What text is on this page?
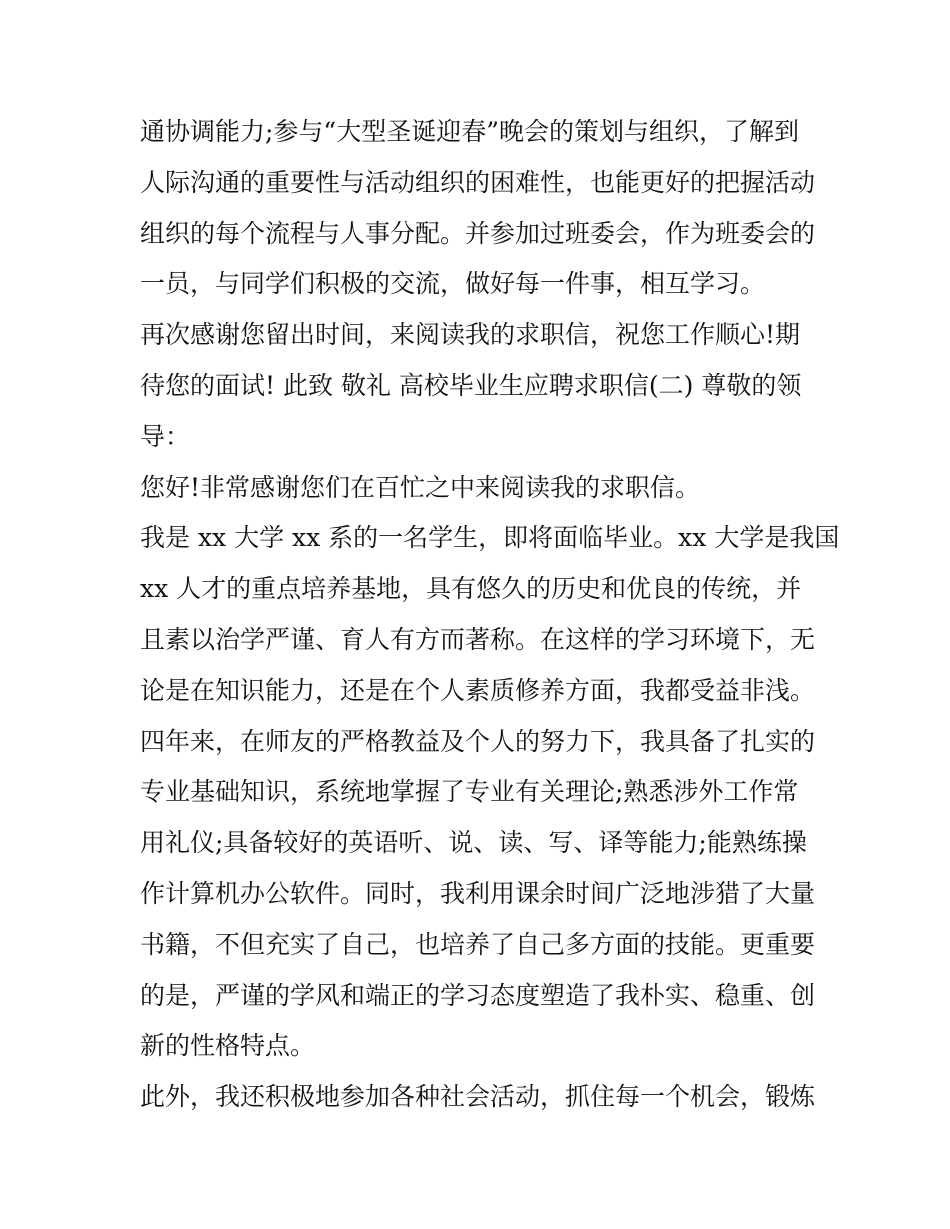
通协调能力;参与“大型圣诞迎春”晚会的策划与组织，了解到
人际沟通的重要性与活动组织的困难性，也能更好的把握活动
组织的每个流程与人事分配。并参加过班委会，作为班委会的
一员，与同学们积极的交流，做好每一件事，相互学习。
再次感谢您留出时间，来阅读我的求职信，祝您工作顺心!期
待您的面试! 此致 敬礼 高校毕业生应聘求职信(二) 尊敬的领
导：
您好!非常感谢您们在百忙之中来阅读我的求职信。
我是 xx 大学 xx 系的一名学生，即将面临毕业。xx 大学是我国
xx 人才的重点培养基地，具有悠久的历史和优良的传统，并
且素以治学严谨、育人有方而著称。在这样的学习环境下，无
论是在知识能力，还是在个人素质修养方面，我都受益非浅。
四年来，在师友的严格教益及个人的努力下，我具备了扎实的
专业基础知识，系统地掌握了专业有关理论;熟悉涉外工作常
用礼仪;具备较好的英语听、说、读、写、译等能力;能熟练操
作计算机办公软件。同时，我利用课余时间广泛地涉猎了大量
书籍，不但充实了自己，也培养了自己多方面的技能。更重要
的是，严谨的学风和端正的学习态度塑造了我朴实、稳重、创
新的性格特点。
此外，我还积极地参加各种社会活动，抓住每一个机会，锻炼
